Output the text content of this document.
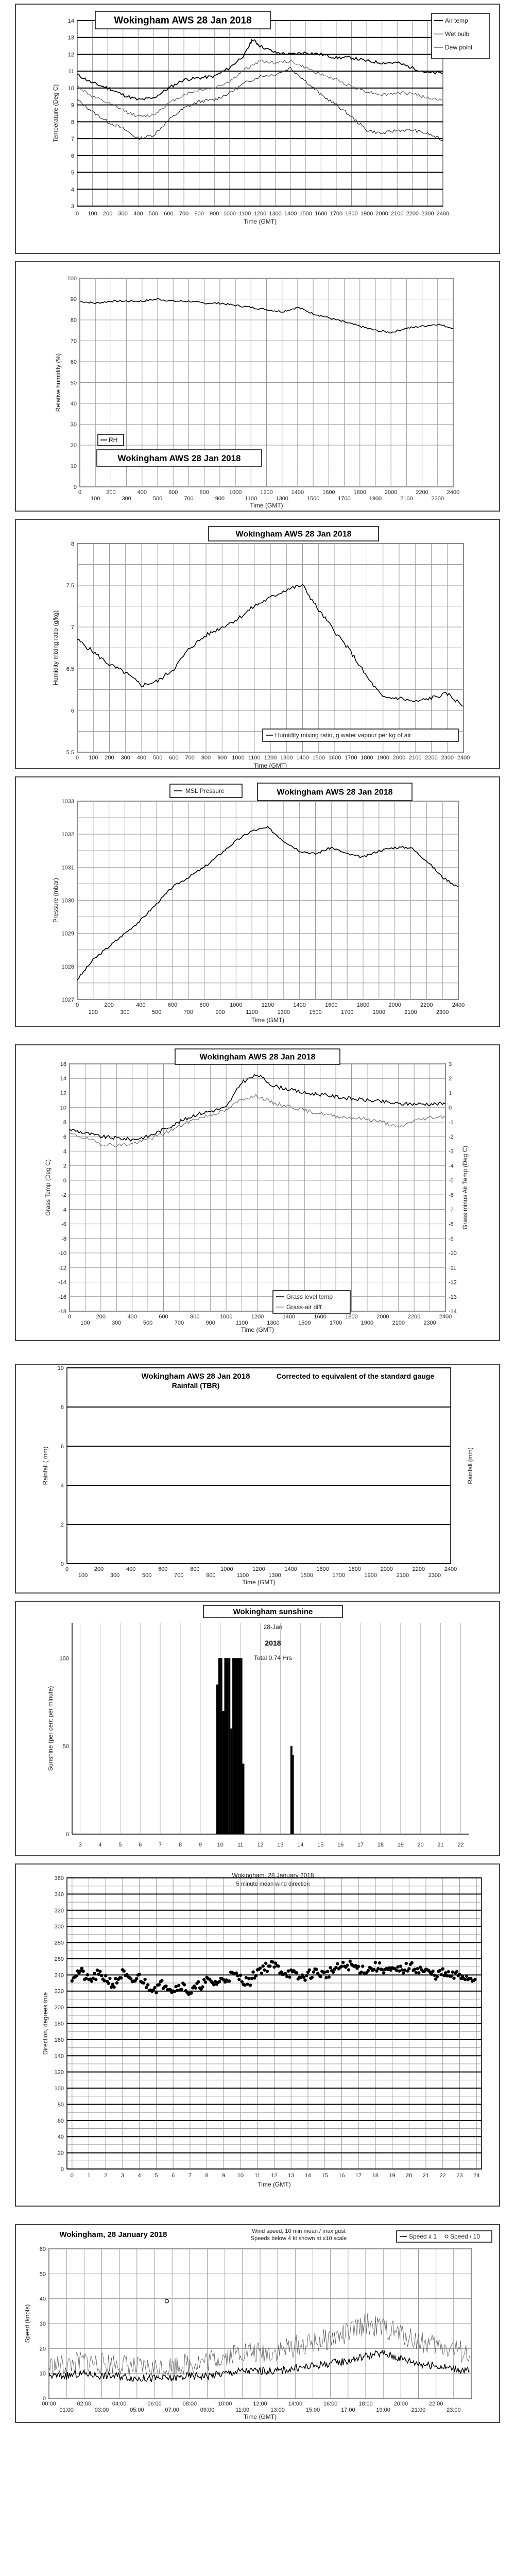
0 100 200 300 400 500 600 700 800 900 1000 1100 1200 1300 1400 1500 1600 1700 1800 1900 2000 2100 2200 2300 2400
3
4
5
6
7
8
9
10
11
12
13
14
Temperature (Deg C)
Time (GMT)
Wokingham AWS 28 Jan 2018	Air temp
Wet bulb
Dew point
0	200	400	600	800	1000	1200	1400	1600	1800	2000	2200	2400
100	300	500	700	900	1100	1300	1500	1700	1900	2100	2300
0
10
20
30
40
50
60
70
80
90
100
Relative humidity (%)
Time (GMT)
RH
Wokingham AWS 28 Jan 2018
0 100 200 300 400 500 600 700 800 900 1000 1100 1200 1300 1400 1500 1600 1700 1800 1900 2000 2100 2200 2300 2400
5.5
6
6.5
7
7.5
8
Humidity mixing ratio (g/kg)
Time (GMT)
Wokingham AWS 28 Jan 2018
Humidity mixing ratio, g water vapour per kg of air
0	200	400	600	800	1000	1200	1400	1600	1800	2000	2200	2400
100	300	500	700	900	1100	1300	1500	1700	1900	2100	2300
1027
1028
1029
1030
1031
1032
1033
Pressure (mbar)
Time (GMT)
MSL Pressure	Wokingham AWS 28 Jan 2018
0	200	400	600	800	1000	1200	1400	1600	1800	2000	2200	2400
100	300	500	700	900	1100	1300	1500	1700	1900	2100	2300
-18
-16
-14
-12
-10
-8
-6
-4
-2
0
2
4
6
8
10
12
14
16
-14
-13
-12
-11
-10
-9
-8
-7
-6
-5
-4
-3
-2
-1
0
1
2
3
Grass Temp (Deg C)	Grass minus Air Temp (Deg C)
Time (GMT)
Wokingham AWS 28 Jan 2018
Grass level temp
Grass-air diff
0	200	400	600	800	1000	1200	1400	1600	1800	2000	2200	2400
100	300	500	700	900	1100	1300	1500	1700	1900	2100	2300
0
2
4
6
8
10
Rainfall ( mm)	Rainfall (mm)
Time (GMT)
Wokingham AWS 28 Jan 2018
Rainfall (TBR)
Corrected to equivalent of the standard gauge
3	4	5	6	7	8	9	10 11 12 13 14 15 16 17 18 19 20 21 22
0
50
100
Sunshine (per cent per minute)
Wokingham sunshine
28-Jan
2018
Total 0.74 Hrs
0 1 2 3 4 5 6 7 8 9 10 11 12 13 14 15 16 17 18 19 20 21 22 23 24
0
20
40
60
80
100
120
140
160
180
200
220
240
260
280
300
320
340
360
Direction, degrees true
Time (GMT)
Wokingham, 28 January 2018
5 minute mean wind direction
00:00	02:00	04:00	06:00	08:00	10:00	12:00	14:00	16:00	18:00	20:00	22:00
01:00	03:00	05:00	07:00	09:00	11:00	13:00	15:00	17:00	19:00	21:00	23:00
0
10
20
30
40
50
60
Speed (knots)
Time (GMT)
Wokingham, 28 January 2018	Wind speed, 10 min mean / max gust
Speeds below 4 kt shown at x10 scale	Speed x 1 Speed / 10
